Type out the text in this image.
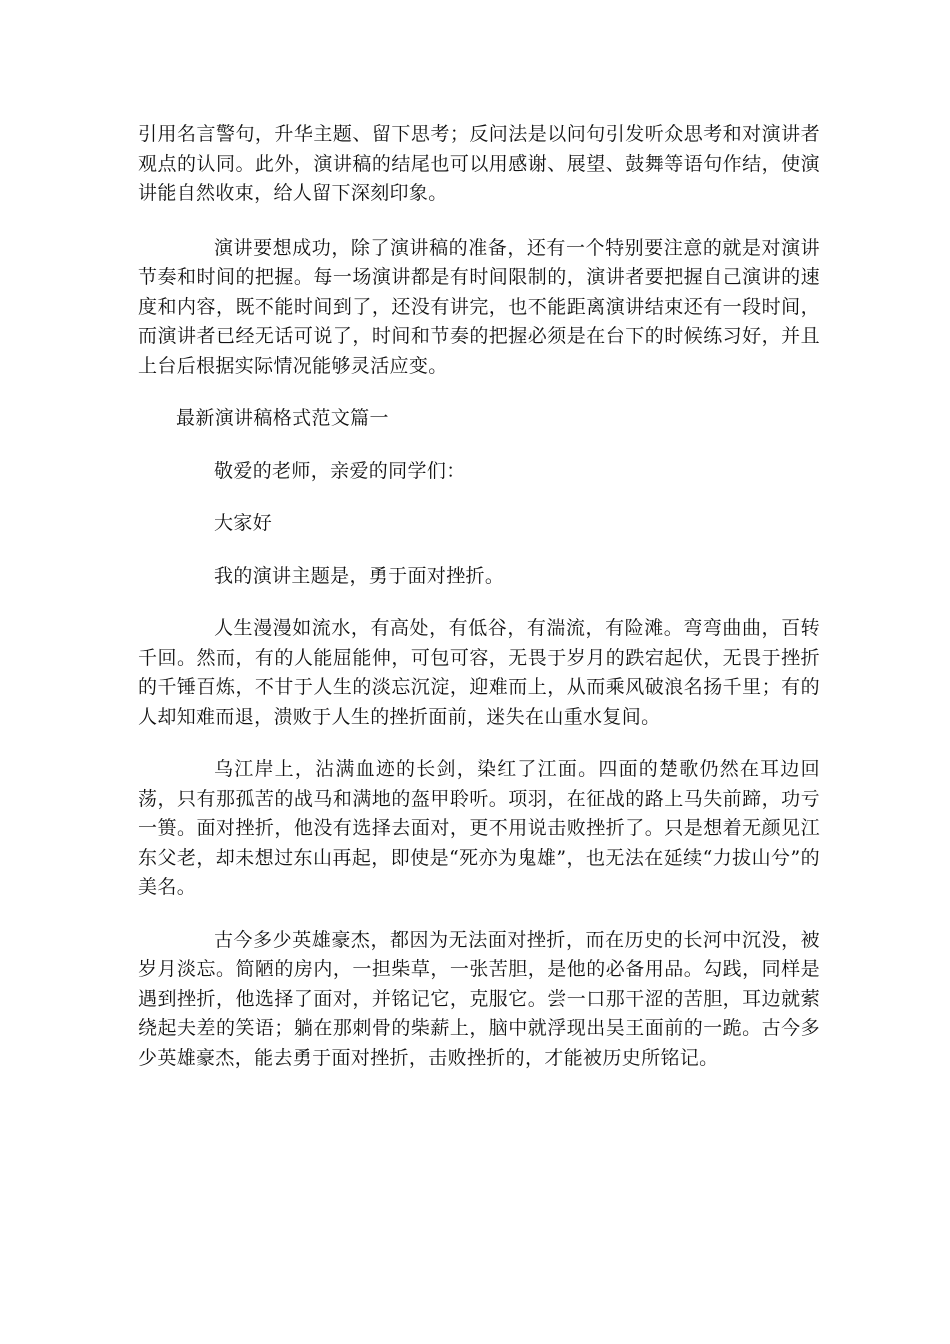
引用名言警句，升华主题、留下思考；反问法是以问句引发听众思考和对演讲者观点的认同。此外，演讲稿的结尾也可以用感谢、展望、鼓舞等语句作结，使演讲能自然收束，给人留下深刻印象。

演讲要想成功，除了演讲稿的准备，还有一个特别要注意的就是对演讲节奏和时间的把握。每一场演讲都是有时间限制的，演讲者要把握自己演讲的速度和内容，既不能时间到了，还没有讲完，也不能距离演讲结束还有一段时间，而演讲者已经无话可说了，时间和节奏的把握必须是在台下的时候练习好，并且上台后根据实际情况能够灵活应变。

最新演讲稿格式范文篇一

敬爱的老师，亲爱的同学们：

大家好

我的演讲主题是，勇于面对挫折。

人生漫漫如流水，有高处，有低谷，有湍流，有险滩。弯弯曲曲，百转千回。然而，有的人能屈能伸，可包可容，无畏于岁月的跌宕起伏，无畏于挫折的千锤百炼，不甘于人生的淡忘沉淀，迎难而上，从而乘风破浪名扬千里；有的人却知难而退，溃败于人生的挫折面前，迷失在山重水复间。

乌江岸上，沾满血迹的长剑，染红了江面。四面的楚歌仍然在耳边回荡，只有那孤苦的战马和满地的盔甲聆听。项羽，在征战的路上马失前蹄，功亏一篑。面对挫折，他没有选择去面对，更不用说击败挫折了。只是想着无颜见江东父老，却未想过东山再起，即使是“死亦为鬼雄”，也无法在延续“力拔山兮”的美名。

古今多少英雄豪杰，都因为无法面对挫折，而在历史的长河中沉没，被岁月淡忘。简陋的房内，一担柴草，一张苦胆，是他的必备用品。勾践，同样是遇到挫折，他选择了面对，并铭记它，克服它。尝一口那干涩的苦胆，耳边就萦绕起夫差的笑语；躺在那刺骨的柴薪上，脑中就浮现出吴王面前的一跪。古今多少英雄豪杰，能去勇于面对挫折，击败挫折的，才能被历史所铭记。
